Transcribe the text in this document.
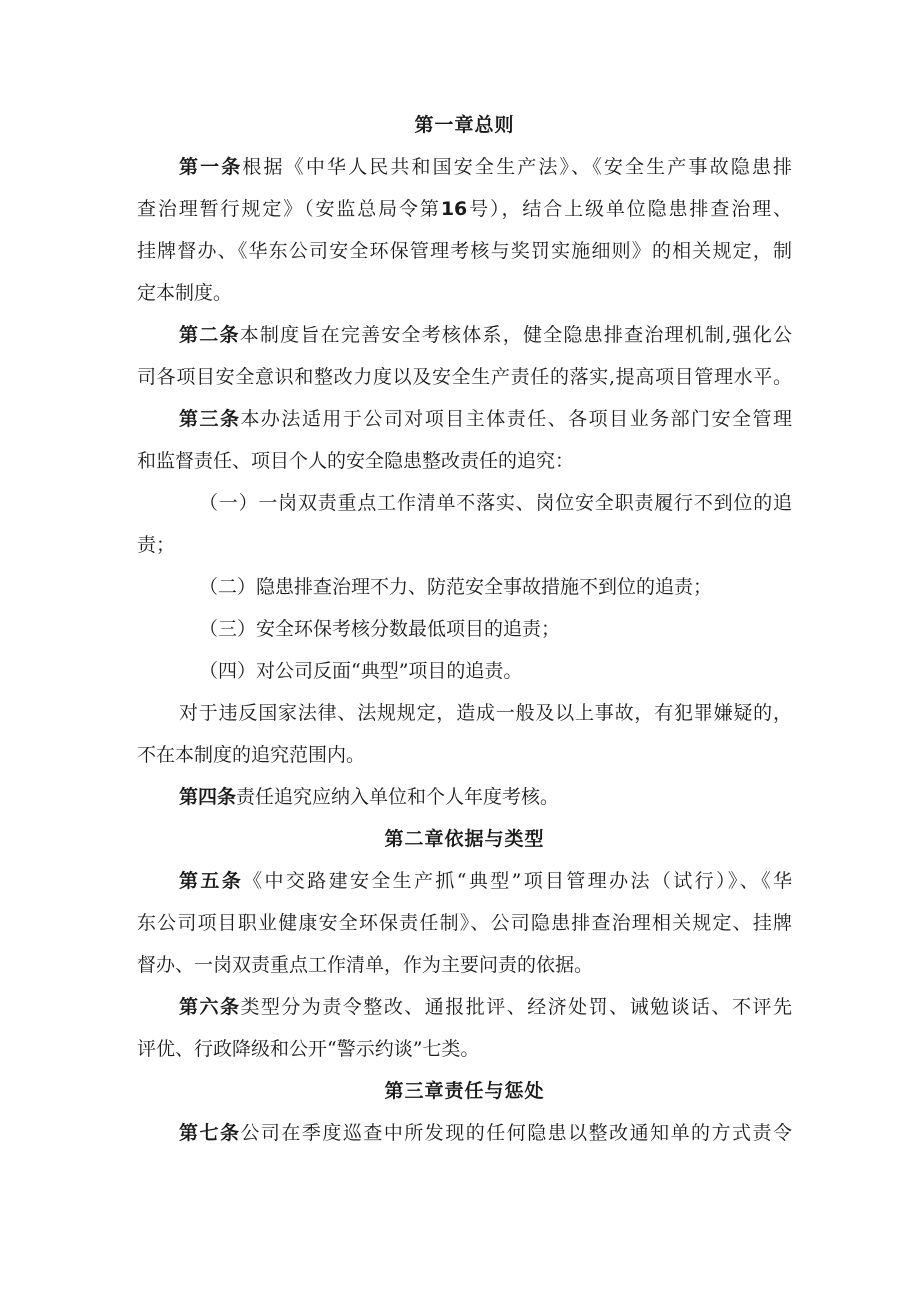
第一章总则
第一条根据《中华人民共和国安全生产法》、《安全生产事故隐患排
查治理暂行规定》（安监总局令第16号），结合上级单位隐患排查治理、
挂牌督办、《华东公司安全环保管理考核与奖罚实施细则》的相关规定，制
定本制度。
第二条本制度旨在完善安全考核体系，健全隐患排查治理机制,强化公
司各项目安全意识和整改力度以及安全生产责任的落实,提高项目管理水平。
第三条本办法适用于公司对项目主体责任、各项目业务部门安全管理
和监督责任、项目个人的安全隐患整改责任的追究：
（一）一岗双责重点工作清单不落实、岗位安全职责履行不到位的追
责；
（二）隐患排查治理不力、防范安全事故措施不到位的追责；
（三）安全环保考核分数最低项目的追责；
（四）对公司反面“典型”项目的追责。
对于违反国家法律、法规规定，造成一般及以上事故，有犯罪嫌疑的，
不在本制度的追究范围内。
第四条责任追究应纳入单位和个人年度考核。
第二章依据与类型
第五条《中交路建安全生产抓“典型”项目管理办法（试行）》、《华
东公司项目职业健康安全环保责任制》、公司隐患排查治理相关规定、挂牌
督办、一岗双责重点工作清单，作为主要问责的依据。
第六条类型分为责令整改、通报批评、经济处罚、诫勉谈话、不评先
评优、行政降级和公开“警示约谈”七类。
第三章责任与惩处
第七条公司在季度巡查中所发现的任何隐患以整改通知单的方式责令
